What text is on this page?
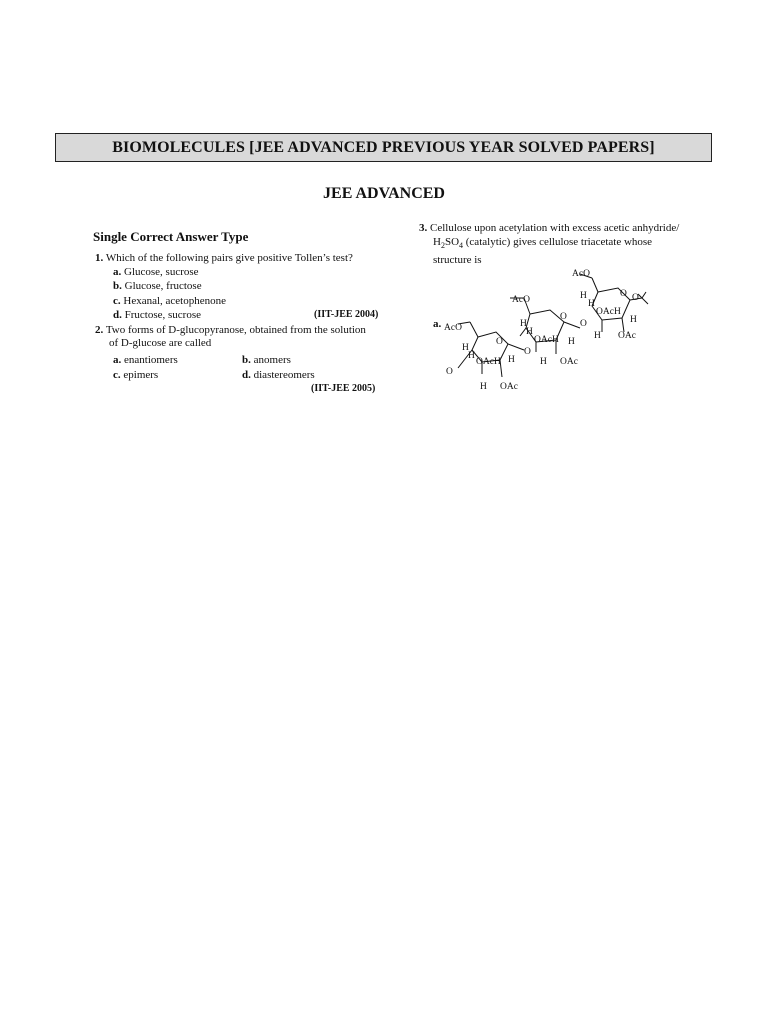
BIOMOLECULES [JEE ADVANCED PREVIOUS YEAR SOLVED PAPERS]
JEE ADVANCED
Single Correct Answer Type
1. Which of the following pairs give positive Tollen’s test?
a. Glucose, sucrose
b. Glucose, fructose
c. Hexanal, acetophenone
d. Fructose, sucrose	(IIT-JEE 2004)
2. Two forms of D-glucopyranose, obtained from the solution
of D-glucose are called
a. enantiomers	b. anomers
c. epimers	d. diastereomers
(IIT-JEE 2005)
3. Cellulose upon acetylation with excess acetic anhydride/
$H_2SO_4$ (catalytic) gives cellulose triacetate whose
structure is
a. AcO
H
H
O
OAcH H
O
H OAc
AcO
H
H
O
OAcH H
H OAc
O
AcO
H
H
O O
OAcH
H
H OAc
O
